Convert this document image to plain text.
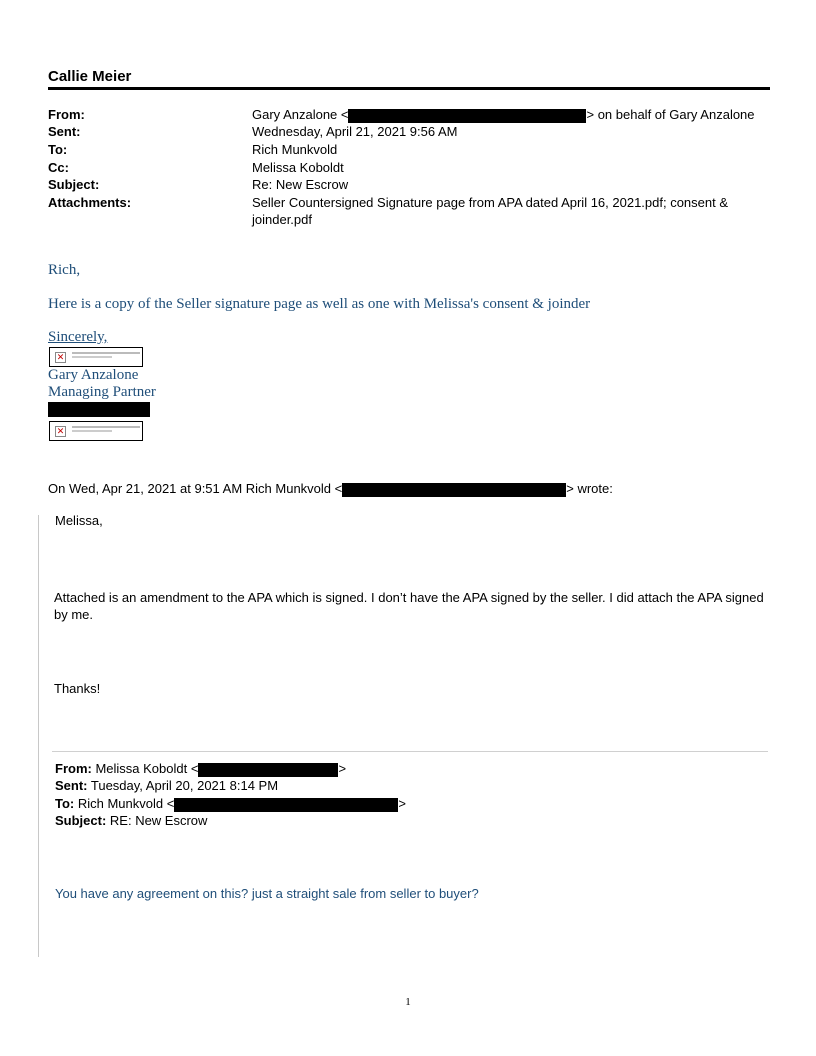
Callie Meier
From:	Gary Anzalone <	> on behalf of Gary Anzalone
Sent:	Wednesday, April 21, 2021 9:56 AM
To:	Rich Munkvold
Cc:	Melissa Koboldt
Subject:	Re: New Escrow
Attachments:	Seller Countersigned Signature page from APA dated April 16, 2021.pdf; consent & joinder.pdf
Rich,
Here is a copy of the Seller signature page as well as one with Melissa's consent & joinder
Sincerely,
✕
Gary Anzalone
Managing Partner
✕
On Wed, Apr 21, 2021 at 9:51 AM Rich Munkvold <	> wrote:
Melissa,
Attached is an amendment to the APA which is signed. I don’t have the APA signed by the seller. I did attach the APA signed by me.
Thanks!
From: Melissa Koboldt <	>
Sent: Tuesday, April 20, 2021 8:14 PM
To: Rich Munkvold <	>
Subject: RE: New Escrow
You have any agreement on this? just a straight sale from seller to buyer?
1
